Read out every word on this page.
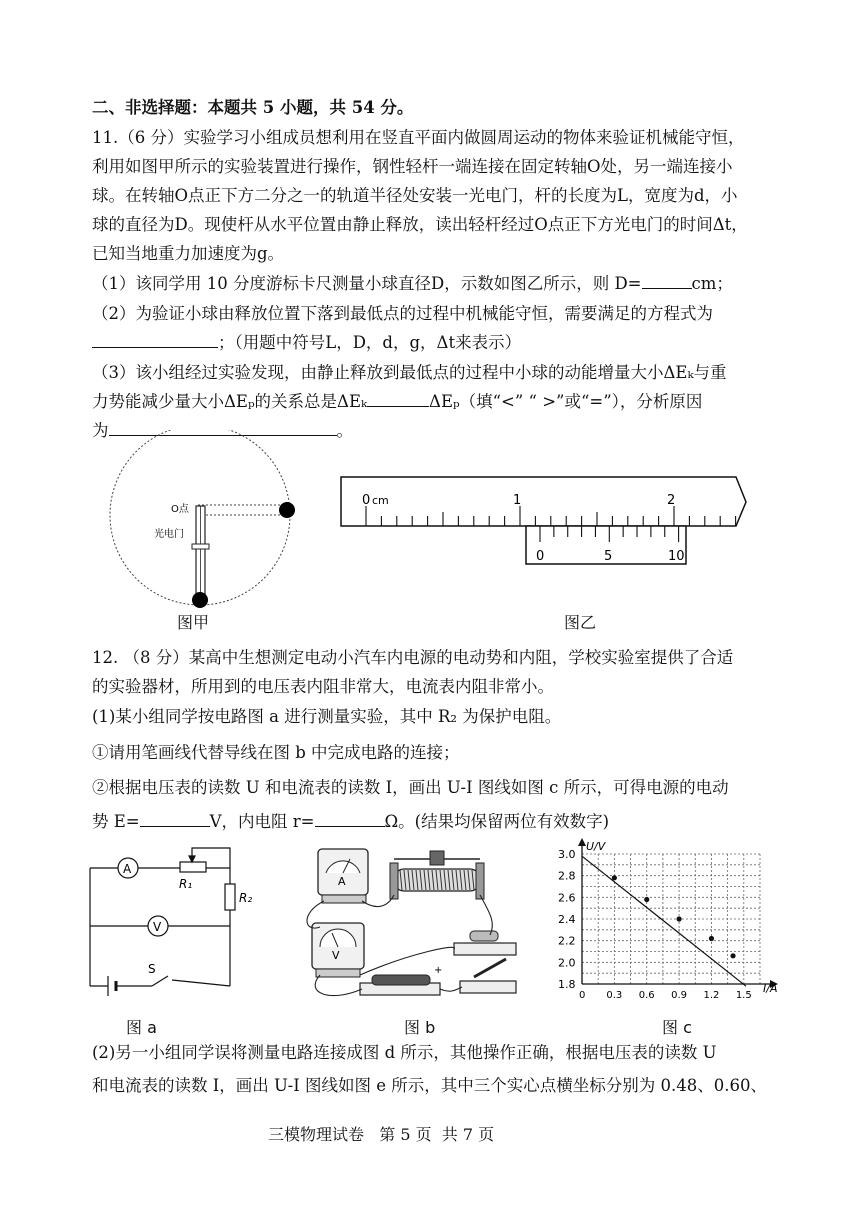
二、非选择题：本题共 5 小题，共 54 分。
11.（6 分）实验学习小组成员想利用在竖直平面内做圆周运动的物体来验证机械能守恒，
利用如图甲所示的实验装置进行操作，钢性轻杆一端连接在固定转轴O处，另一端连接小
球。在转轴O点正下方二分之一的轨道半径处安装一光电门，杆的长度为L，宽度为d，小
球的直径为D。现使杆从水平位置由静止释放，读出轻杆经过O点正下方光电门的时间Δt，
已知当地重力加速度为g。
（1）该同学用 10 分度游标卡尺测量小球直径D，示数如图乙所示，则 D=	cm；
（2）为验证小球由释放位置下落到最低点的过程中机械能守恒，需要满足的方程式为
；（用题中符号L，D，d，g，Δt来表示）
（3）该小组经过实验发现，由静止释放到最低点的过程中小球的动能增量大小ΔEₖ与重
力势能减少量大小ΔEₚ的关系总是ΔEₖ	ΔEₚ（填“<” “ >”或“=”），分析原因
为	。
O点
光电门
图甲
0 cm	1	2
0	5	10
图乙
12. （8 分）某高中生想测定电动小汽车内电源的电动势和内阻，学校实验室提供了合适
的实验器材，所用到的电压表内阻非常大，电流表内阻非常小。
(1)某小组同学按电路图 a 进行测量实验，其中 R₂ 为保护电阻。
①请用笔画线代替导线在图 b 中完成电路的连接；
②根据电压表的读数 U 和电流表的读数 I，画出 U-I 图线如图 c 所示，可得电源的电动
势 E=	V，内电阻 r=	Ω。(结果均保留两位有效数字)
A
V
R₁
R₂
S
图 a
A
V
+
图 b
1.8
2.0
2.2
2.4
2.6
2.8
3.0
0 0.3 0.6 0.9 1.2 1.5
U/V
I/A
图 c
(2)另一小组同学误将测量电路连接成图 d 所示，其他操作正确，根据电压表的读数 U
和电流表的读数 I，画出 U-I 图线如图 e 所示，其中三个实心点横坐标分别为 0.48、0.60、
三模物理试卷   第 5 页  共 7 页
